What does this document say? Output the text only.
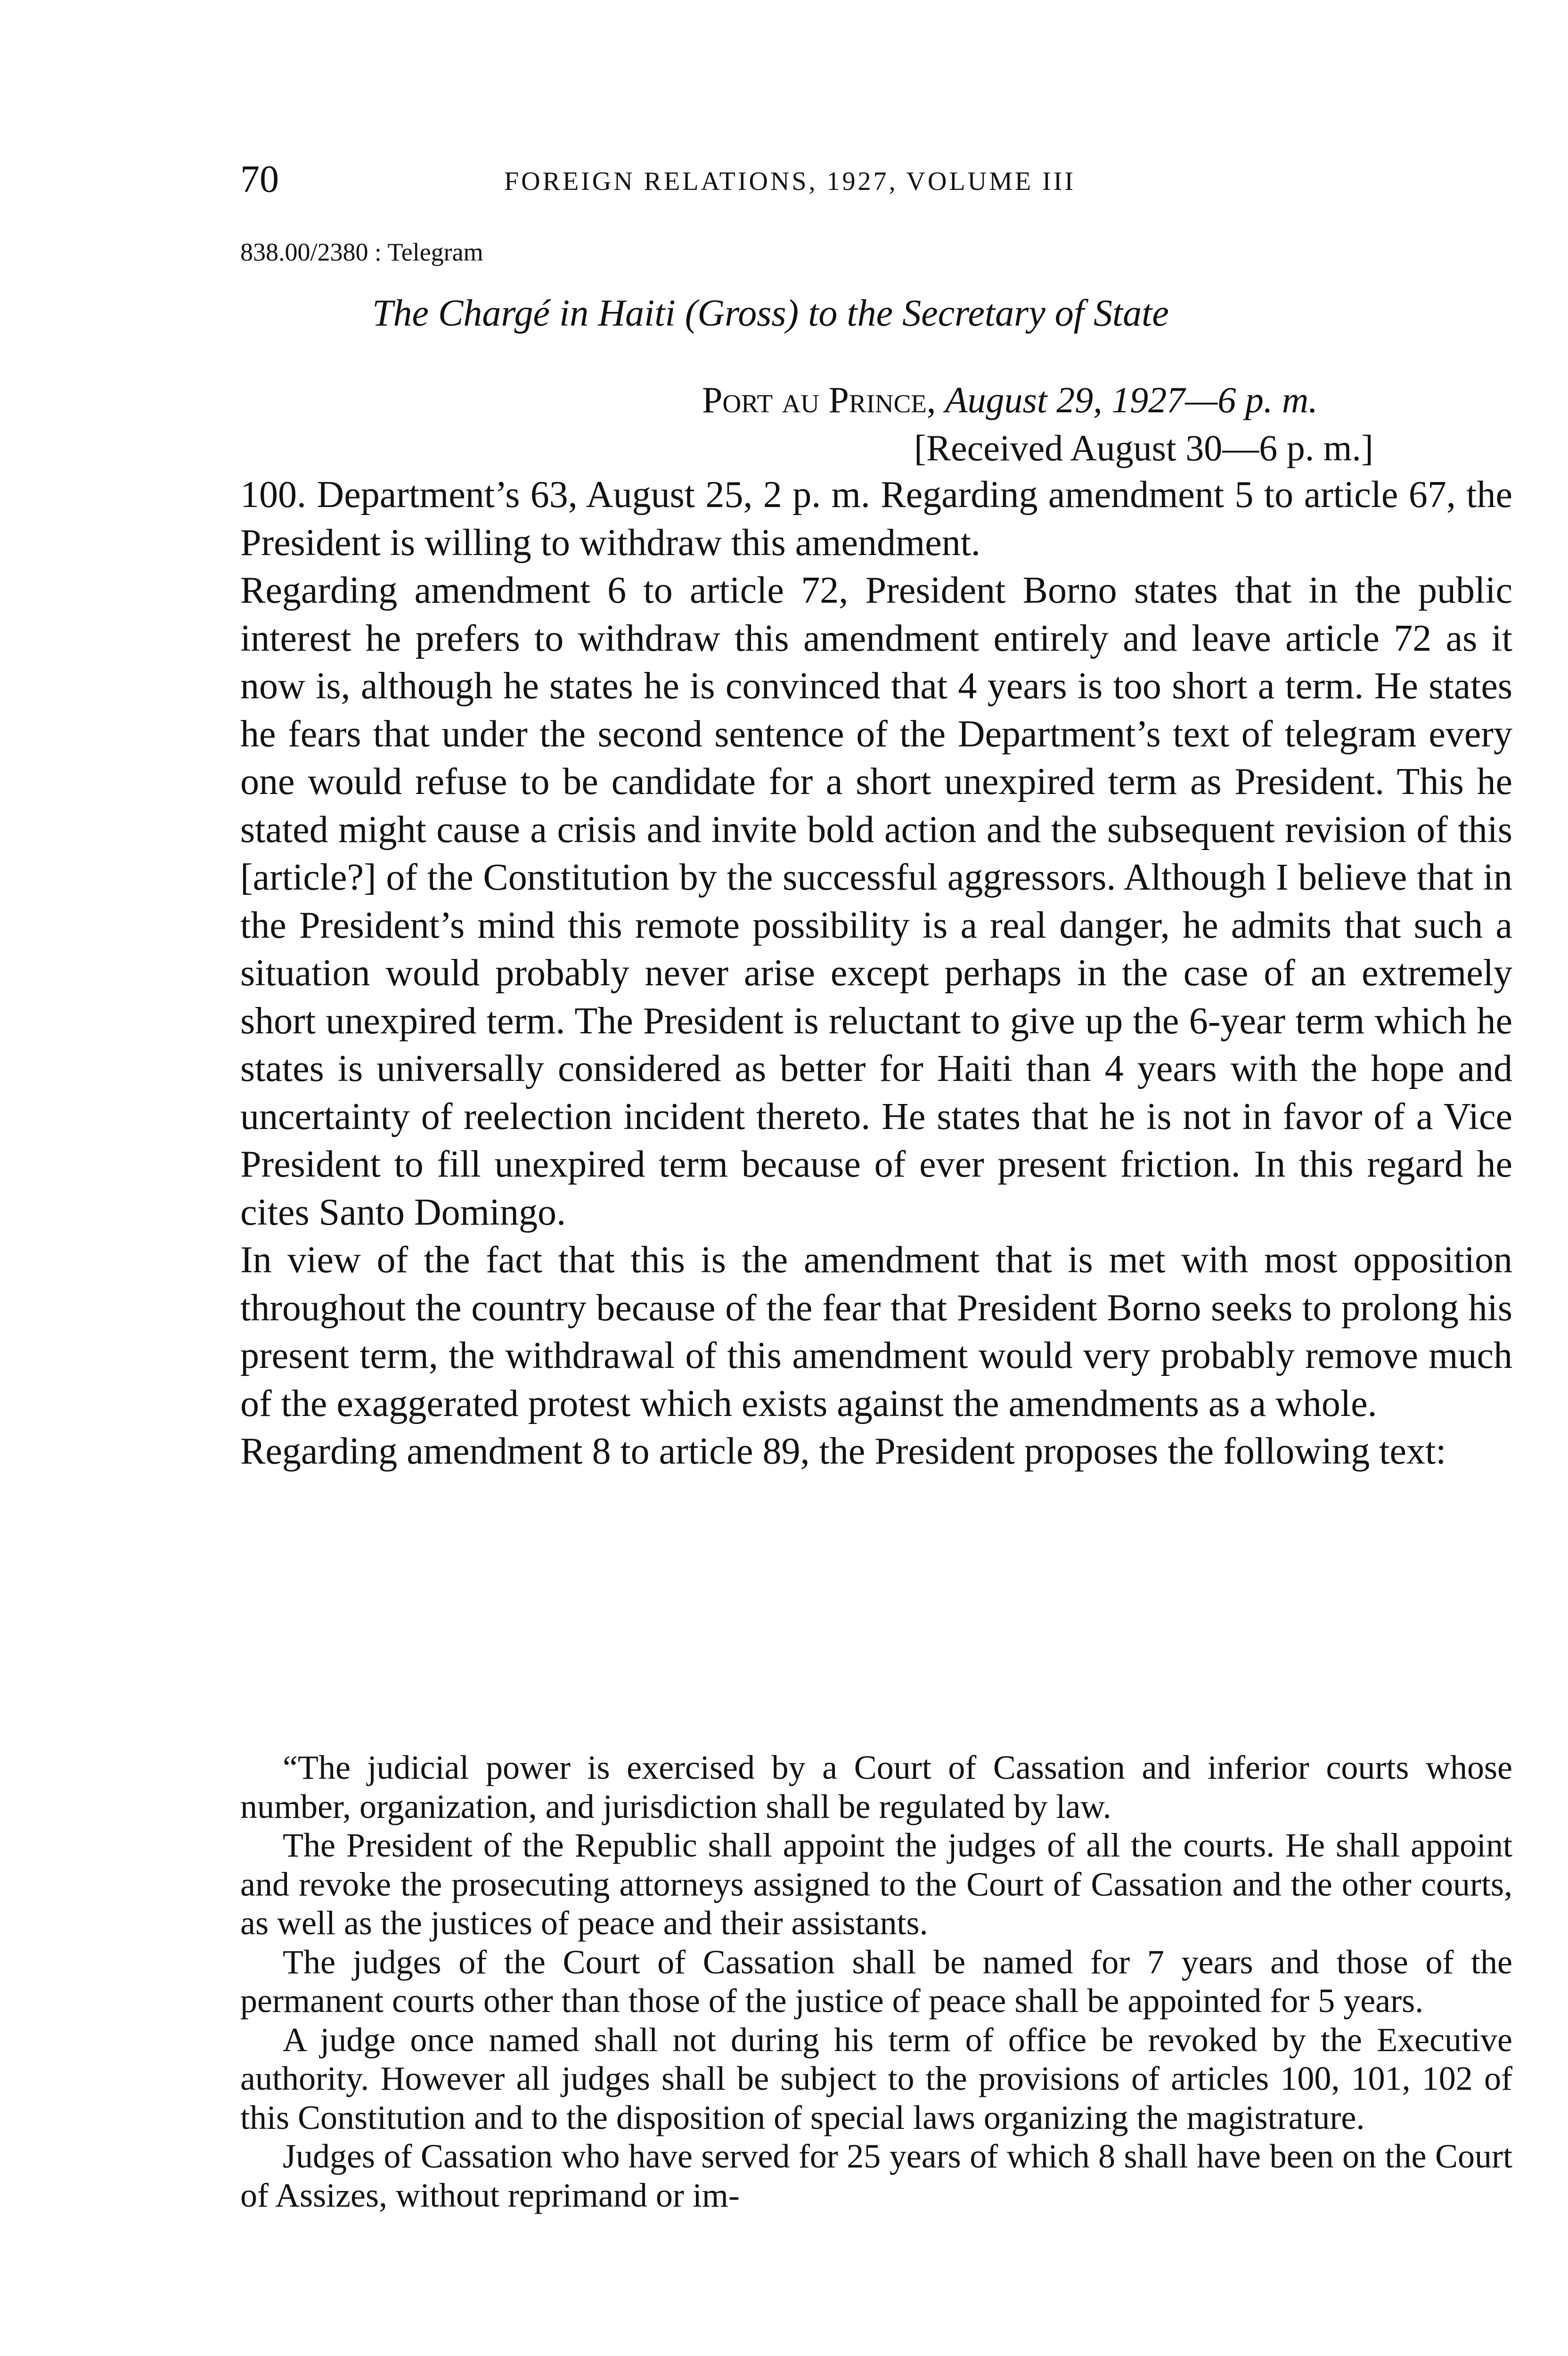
70	FOREIGN RELATIONS, 1927, VOLUME III
838.00/2380 : Telegram
The Chargé in Haiti (Gross) to the Secretary of State
Port au Prince, August 29, 1927—6 p. m.
[Received August 30—6 p. m.]

100. Department’s 63, August 25, 2 p. m. Regarding amendment 5 to article 67, the President is willing to withdraw this amendment.

Regarding amendment 6 to article 72, President Borno states that in the public interest he prefers to withdraw this amendment entirely and leave article 72 as it now is, although he states he is convinced that 4 years is too short a term. He states he fears that under the second sentence of the Department’s text of telegram every one would refuse to be candidate for a short unexpired term as President. This he stated might cause a crisis and invite bold action and the subsequent revision of this [article?] of the Constitution by the successful aggressors. Although I believe that in the President’s mind this remote possibility is a real danger, he admits that such a situation would probably never arise except perhaps in the case of an extremely short unexpired term. The President is reluctant to give up the 6-year term which he states is universally considered as better for Haiti than 4 years with the hope and uncertainty of reelection incident thereto. He states that he is not in favor of a Vice President to fill unexpired term because of ever present friction. In this regard he cites Santo Domingo.

In view of the fact that this is the amendment that is met with most opposition throughout the country because of the fear that President Borno seeks to prolong his present term, the withdrawal of this amendment would very probably remove much of the exaggerated protest which exists against the amendments as a whole.

Regarding amendment 8 to article 89, the President proposes the following text:

“The judicial power is exercised by a Court of Cassation and inferior courts whose number, organization, and jurisdiction shall be regulated by law.

The President of the Republic shall appoint the judges of all the courts. He shall appoint and revoke the prosecuting attorneys assigned to the Court of Cassation and the other courts, as well as the justices of peace and their assistants.

The judges of the Court of Cassation shall be named for 7 years and those of the permanent courts other than those of the justice of peace shall be appointed for 5 years.

A judge once named shall not during his term of office be revoked by the Executive authority. However all judges shall be subject to the provisions of articles 100, 101, 102 of this Constitution and to the disposition of special laws organizing the magistrature.

Judges of Cassation who have served for 25 years of which 8 shall have been on the Court of Assizes, without reprimand or im-
